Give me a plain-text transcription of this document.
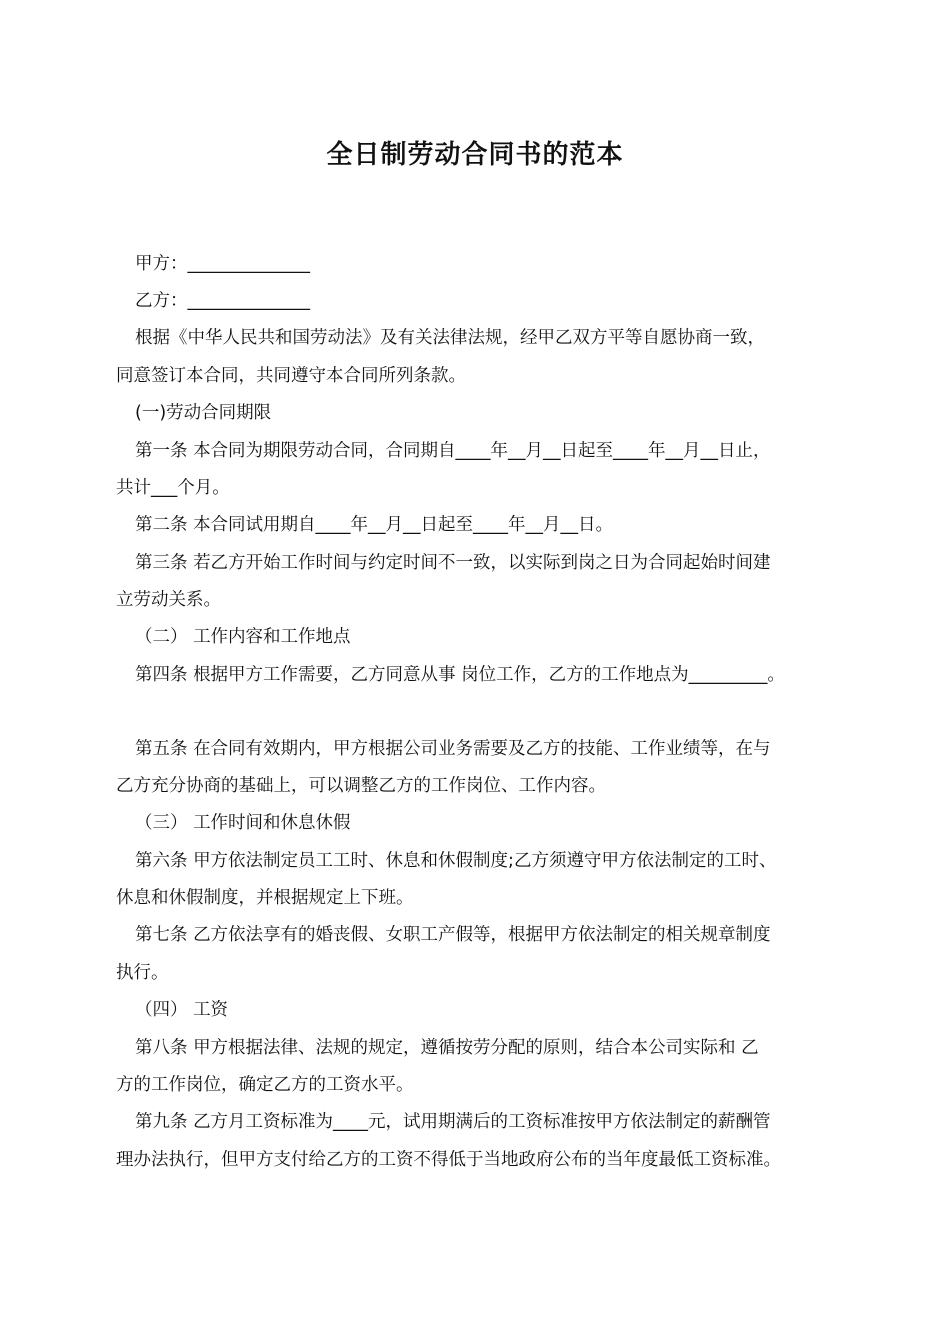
全日制劳动合同书的范本

甲方：______________

乙方：______________

根据《中华人民共和国劳动法》及有关法律法规，经甲乙双方平等自愿协商一致，

同意签订本合同，共同遵守本合同所列条款。

(一)劳动合同期限

第一条 本合同为期限劳动合同，合同期自____年__月__日起至____年__月__日止，

共计___个月。

第二条 本合同试用期自____年__月__日起至____年__月__日。

第三条 若乙方开始工作时间与约定时间不一致，以实际到岗之日为合同起始时间建

立劳动关系。

（二） 工作内容和工作地点

第四条 根据甲方工作需要，乙方同意从事 岗位工作，乙方的工作地点为_________。

第五条 在合同有效期内，甲方根据公司业务需要及乙方的技能、工作业绩等，在与

乙方充分协商的基础上，可以调整乙方的工作岗位、工作内容。

（三） 工作时间和休息休假

第六条 甲方依法制定员工工时、休息和休假制度;乙方须遵守甲方依法制定的工时、

休息和休假制度，并根据规定上下班。

第七条 乙方依法享有的婚丧假、女职工产假等，根据甲方依法制定的相关规章制度

执行。

（四） 工资

第八条 甲方根据法律、法规的规定，遵循按劳分配的原则，结合本公司实际和 乙

方的工作岗位，确定乙方的工资水平。

第九条 乙方月工资标准为____元，试用期满后的工资标准按甲方依法制定的薪酬管

理办法执行，但甲方支付给乙方的工资不得低于当地政府公布的当年度最低工资标准。
